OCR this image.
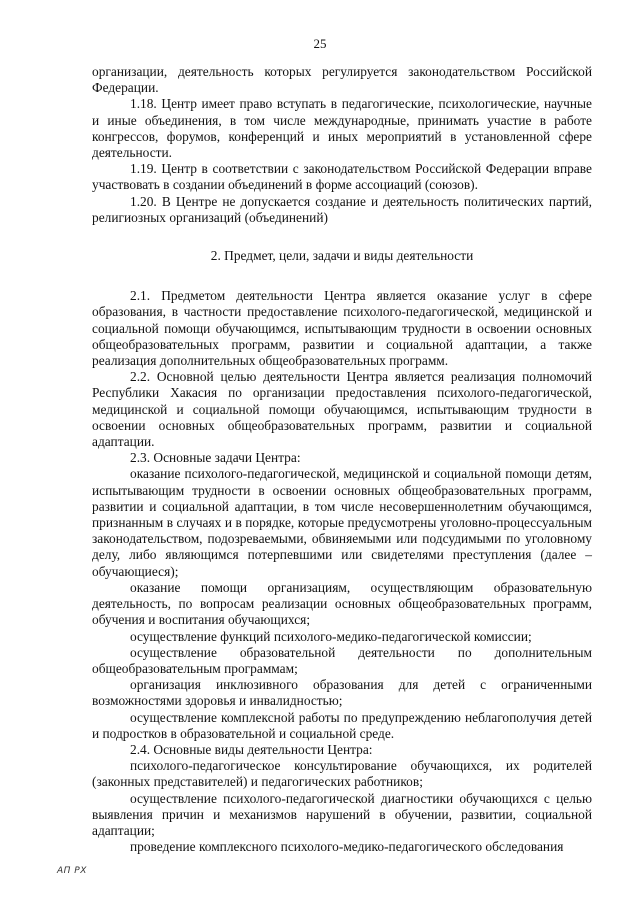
25

организации, деятельность которых регулируется законодательством Российской Федерации.

1.18. Центр имеет право вступать в педагогические, психологические, научные и иные объединения, в том числе международные, принимать участие в работе конгрессов, форумов, конференций и иных мероприятий в установленной сфере деятельности.

1.19. Центр в соответствии с законодательством Российской Федерации вправе участвовать в создании объединений в форме ассоциаций (союзов).

1.20. В Центре не допускается создание и деятельность политических партий, религиозных организаций (объединений)

2. Предмет, цели, задачи и виды деятельности

2.1. Предметом деятельности Центра является оказание услуг в сфере образования, в частности предоставление психолого-педагогической, медицинской и социальной помощи обучающимся, испытывающим трудности в освоении основных общеобразовательных программ, развитии и социальной адаптации, а также реализация дополнительных общеобразовательных программ.

2.2. Основной целью деятельности Центра является реализация полномочий Республики Хакасия по организации предоставления психолого-педагогической, медицинской и социальной помощи обучающимся, испытывающим трудности в освоении основных общеобразовательных программ, развитии и социальной адаптации.

2.3. Основные задачи Центра:

оказание психолого-педагогической, медицинской и социальной помощи детям, испытывающим трудности в освоении основных общеобразовательных программ, развитии и социальной адаптации, в том числе несовершеннолетним обучающимся, признанным в случаях и в порядке, которые предусмотрены уголовно-процессуальным законодательством, подозреваемыми, обвиняемыми или подсудимыми по уголовному делу, либо являющимся потерпевшими или свидетелями преступления (далее – обучающиеся);

оказание помощи организациям, осуществляющим образовательную деятельность, по вопросам реализации основных общеобразовательных программ, обучения и воспитания обучающихся;

осуществление функций психолого-медико-педагогической комиссии;

осуществление образовательной деятельности по дополнительным общеобразовательным программам;

организация инклюзивного образования для детей с ограниченными возможностями здоровья и инвалидностью;

осуществление комплексной работы по предупреждению неблагополучия детей и подростков в образовательной и социальной среде.

2.4. Основные виды деятельности Центра:

психолого-педагогическое консультирование обучающихся, их родителей (законных представителей) и педагогических работников;

осуществление психолого-педагогической диагностики обучающихся с целью выявления причин и механизмов нарушений в обучении, развитии, социальной адаптации;

проведение комплексного психолого-медико-педагогического обследования

АП РХ
